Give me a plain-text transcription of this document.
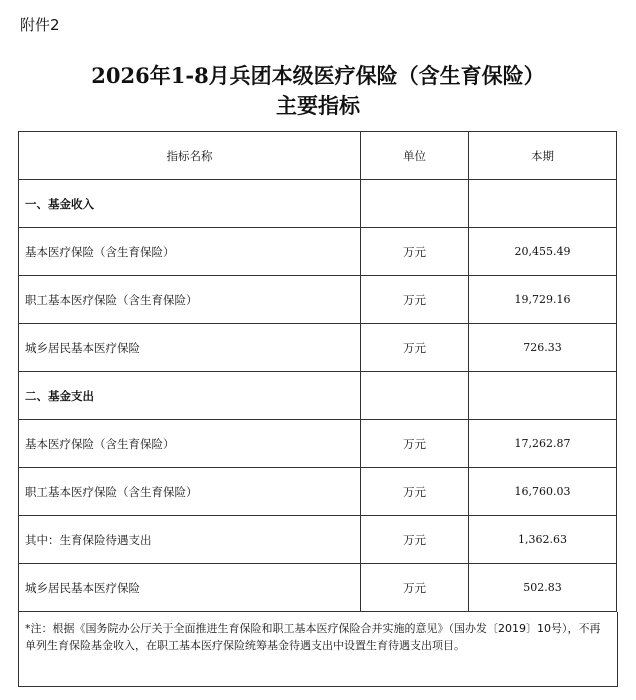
附件2
2026年1-8月兵团本级医疗保险（含生育保险）
主要指标
指标名称	单位	本期
一、基金收入		
基本医疗保险（含生育保险）	万元	20,455.49
职工基本医疗保险（含生育保险）	万元	19,729.16
城乡居民基本医疗保险	万元	726.33
二、基金支出		
基本医疗保险（含生育保险）	万元	17,262.87
职工基本医疗保险（含生育保险）	万元	16,760.03
其中：生育保险待遇支出	万元	1,362.63
城乡居民基本医疗保险	万元	502.83
*注：根据《国务院办公厅关于全面推进生育保险和职工基本医疗保险合并实施的意见》（国办发〔2019〕10号），不再单列生育保险基金收入，在职工基本医疗保险统筹基金待遇支出中设置生育待遇支出项目。
